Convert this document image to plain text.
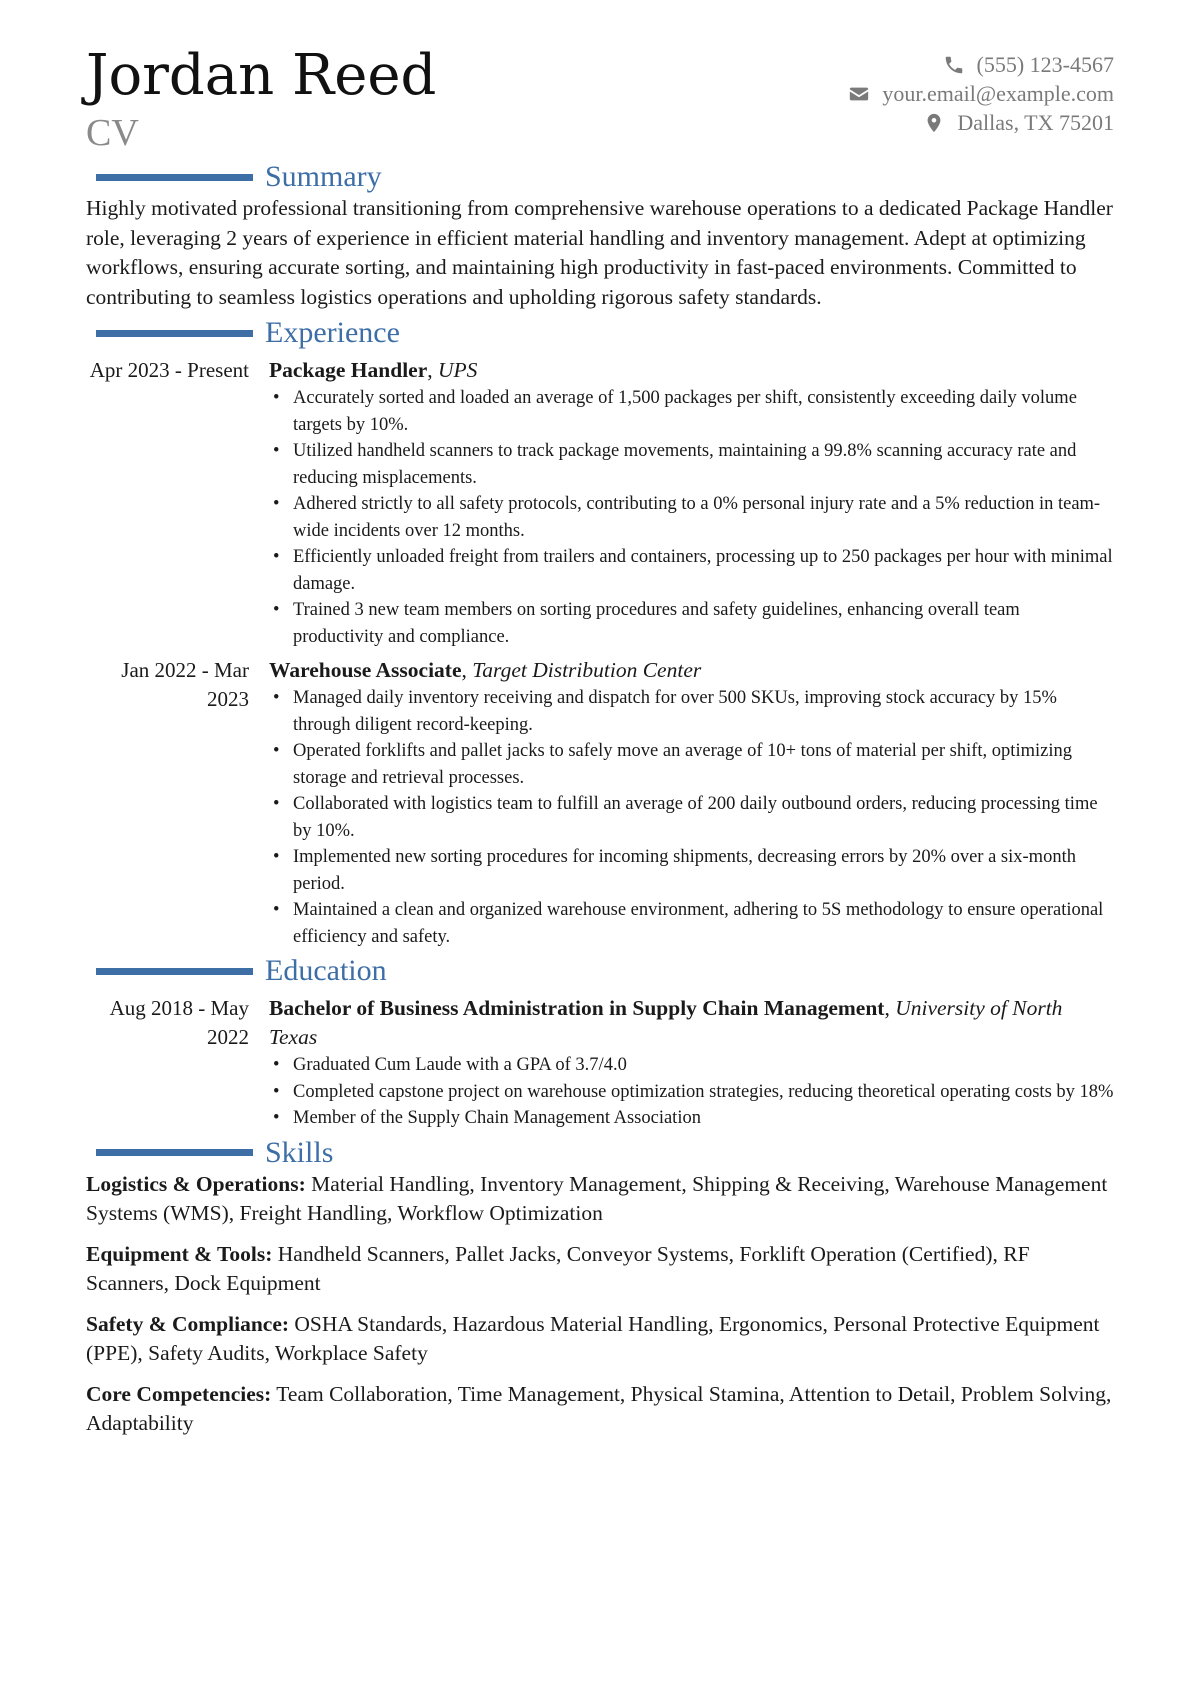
Jordan Reed
CV
(555) 123-4567
your.email@example.com
Dallas, TX 75201
Summary

Highly motivated professional transitioning from comprehensive warehouse operations to a dedicated Package Handler role, leveraging 2 years of experience in efficient material handling and inventory management. Adept at optimizing workflows, ensuring accurate sorting, and maintaining high productivity in fast-paced environments. Committed to contributing to seamless logistics operations and upholding rigorous safety standards.

Experience
Apr 2023 - Present Package Handler, UPS
• Accurately sorted and loaded an average of 1,500 packages per shift, consistently exceeding daily volume targets by 10%.
• Utilized handheld scanners to track package movements, maintaining a 99.8% scanning accuracy rate and reducing misplacements.
• Adhered strictly to all safety protocols, contributing to a 0% personal injury rate and a 5% reduction in team-wide incidents over 12 months.
• Efficiently unloaded freight from trailers and containers, processing up to 250 packages per hour with minimal damage.
• Trained 3 new team members on sorting procedures and safety guidelines, enhancing overall team productivity and compliance.
Jan 2022 - Mar 2023
Warehouse Associate, Target Distribution Center
• Managed daily inventory receiving and dispatch for over 500 SKUs, improving stock accuracy by 15% through diligent record-keeping.
• Operated forklifts and pallet jacks to safely move an average of 10+ tons of material per shift, optimizing storage and retrieval processes.
• Collaborated with logistics team to fulfill an average of 200 daily outbound orders, reducing processing time by 10%.
• Implemented new sorting procedures for incoming shipments, decreasing errors by 20% over a six-month period.
• Maintained a clean and organized warehouse environment, adhering to 5S methodology to ensure operational efficiency and safety.
Education
Aug 2018 - May 2022
Bachelor of Business Administration in Supply Chain Management, University of North Texas
• Graduated Cum Laude with a GPA of 3.7/4.0
• Completed capstone project on warehouse optimization strategies, reducing theoretical operating costs by 18%
• Member of the Supply Chain Management Association
Skills

Logistics & Operations: Material Handling, Inventory Management, Shipping & Receiving, Warehouse Management Systems (WMS), Freight Handling, Workflow Optimization

Equipment & Tools: Handheld Scanners, Pallet Jacks, Conveyor Systems, Forklift Operation (Certified), RF Scanners, Dock Equipment

Safety & Compliance: OSHA Standards, Hazardous Material Handling, Ergonomics, Personal Protective Equipment (PPE), Safety Audits, Workplace Safety

Core Competencies: Team Collaboration, Time Management, Physical Stamina, Attention to Detail, Problem Solving, Adaptability
